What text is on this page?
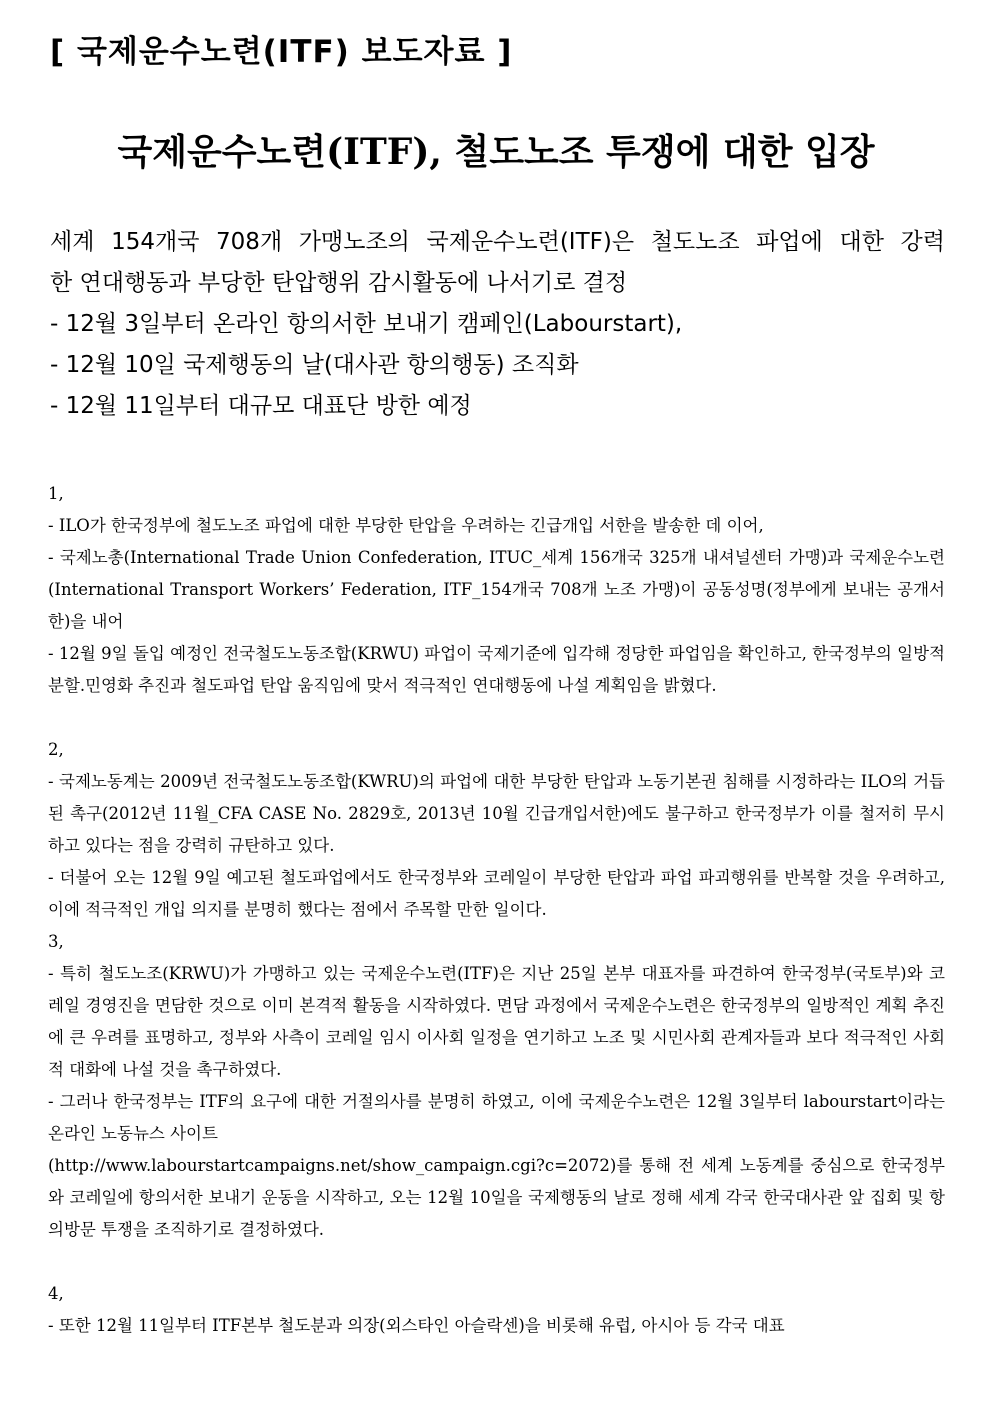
[ 국제운수노련(ITF) 보도자료 ]
국제운수노련(ITF), 철도노조 투쟁에 대한 입장
세계 154개국 708개 가맹노조의 국제운수노련(ITF)은 철도노조 파업에 대한 강력
한 연대행동과 부당한 탄압행위 감시활동에 나서기로 결정
- 12월 3일부터 온라인 항의서한 보내기 캠페인(Labourstart),
- 12월 10일 국제행동의 날(대사관 항의행동) 조직화
- 12월 11일부터 대규모 대표단 방한 예정

1,

- ILO가 한국정부에 철도노조 파업에 대한 부당한 탄압을 우려하는 긴급개입 서한을 발송한 데 이어,

- 국제노총(International Trade Union Confederation, ITUC_세계 156개국 325개 내셔널센터 가맹)과 국제운수노련(International Transport Workers’ Federation, ITF_154개국 708개 노조 가맹)이 공동성명(정부에게 보내는 공개서한)을 내어

- 12월 9일 돌입 예정인 전국철도노동조합(KRWU) 파업이 국제기준에 입각해 정당한 파업임을 확인하고, 한국정부의 일방적 분할.민영화 추진과 철도파업 탄압 움직임에 맞서 적극적인 연대행동에 나설 계획임을 밝혔다.

2,

- 국제노동계는 2009년 전국철도노동조합(KWRU)의 파업에 대한 부당한 탄압과 노동기본권 침해를 시정하라는 ILO의 거듭된 촉구(2012년 11월_CFA CASE No. 2829호, 2013년 10월 긴급개입서한)에도 불구하고 한국정부가 이를 철저히 무시하고 있다는 점을 강력히 규탄하고 있다.

- 더불어 오는 12월 9일 예고된 철도파업에서도 한국정부와 코레일이 부당한 탄압과 파업 파괴행위를 반복할 것을 우려하고, 이에 적극적인 개입 의지를 분명히 했다는 점에서 주목할 만한 일이다.

3,

- 특히 철도노조(KRWU)가 가맹하고 있는 국제운수노련(ITF)은 지난 25일 본부 대표자를 파견하여 한국정부(국토부)와 코레일 경영진을 면담한 것으로 이미 본격적 활동을 시작하였다. 면담 과정에서 국제운수노련은 한국정부의 일방적인 계획 추진에 큰 우려를 표명하고, 정부와 사측이 코레일 임시 이사회 일정을 연기하고 노조 및 시민사회 관계자들과 보다 적극적인 사회적 대화에 나설 것을 촉구하였다.

- 그러나 한국정부는 ITF의 요구에 대한 거절의사를 분명히 하였고, 이에 국제운수노련은 12월 3일부터 labourstart이라는 온라인 노동뉴스 사이트

(http://www.labourstartcampaigns.net/show_campaign.cgi?c=2072)를 통해 전 세계 노동계를 중심으로 한국정부와 코레일에 항의서한 보내기 운동을 시작하고, 오는 12월 10일을 국제행동의 날로 정해 세계 각국 한국대사관 앞 집회 및 항의방문 투쟁을 조직하기로 결정하였다.

4,

- 또한 12월 11일부터 ITF본부 철도분과 의장(외스타인 아슬락센)을 비롯해 유럽, 아시아 등 각국 대표
